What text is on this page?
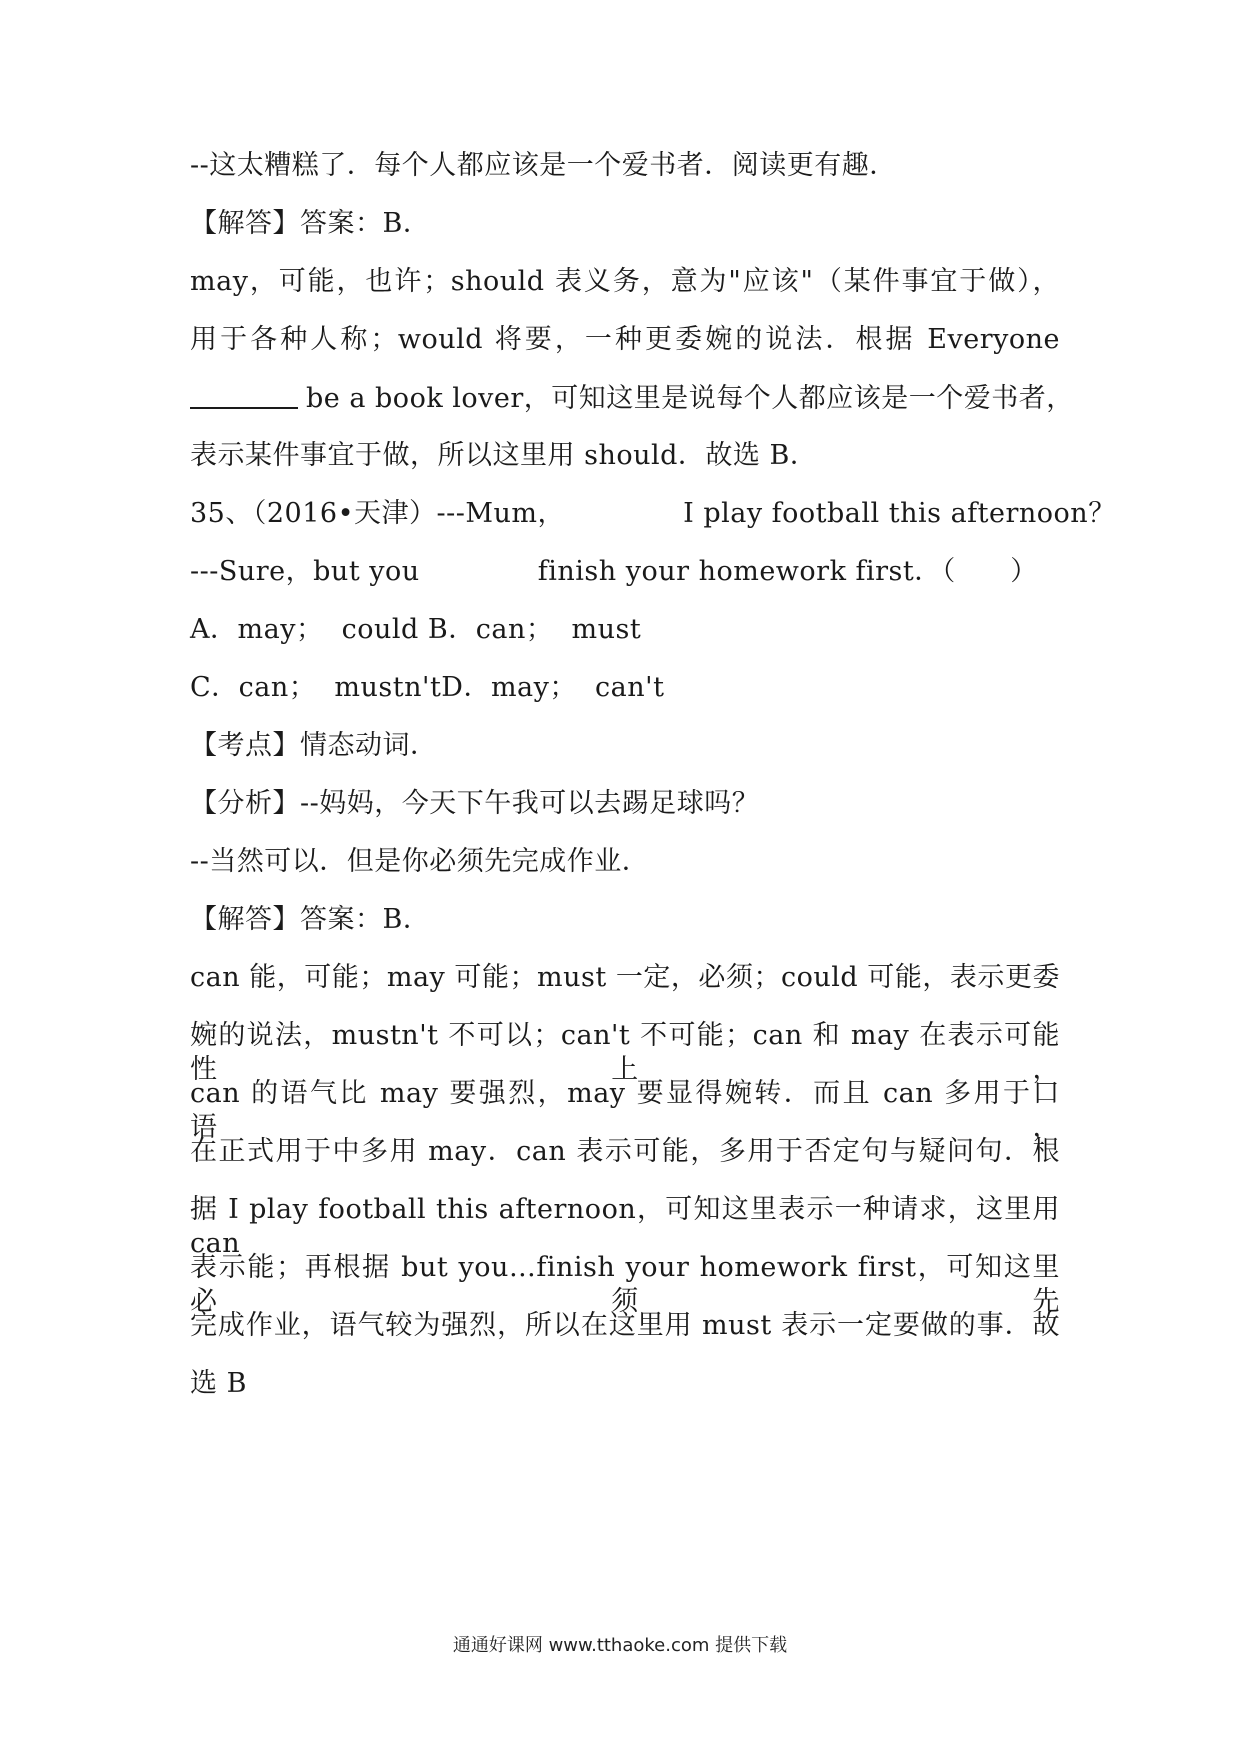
--这太糟糕了．每个人都应该是一个爱书者．阅读更有趣．
【解答】答案：B．
may，可能，也许；should 表义务，意为"应该"（某件事宜于做），
用于各种人称；would 将要，一种更委婉的说法．根据 Everyone
be a book lover，可知这里是说每个人都应该是一个爱书者，
表示某件事宜于做，所以这里用 should．故选 B．
35、（2016•天津）---Mum，             I play football this afternoon？
---Sure，but you             finish your homework first．（      ）
A．may；  could B．can；  must
C．can；  mustn'tD．may；  can't
【考点】情态动词．
【分析】--妈妈，今天下午我可以去踢足球吗？
--当然可以．但是你必须先完成作业．
【解答】答案：B．
can 能，可能；may 可能；must 一定，必须；could 可能，表示更委
婉的说法，mustn't 不可以；can't 不可能；can 和 may 在表示可能性上，
can 的语气比 may 要强烈，may 要显得婉转．而且 can 多用于口语，
在正式用于中多用 may．can 表示可能，多用于否定句与疑问句．根
据 I play football this afternoon，可知这里表示一种请求，这里用 can
表示能；再根据 but you…finish your homework first，可知这里必须先
完成作业，语气较为强烈，所以在这里用 must 表示一定要做的事．故
选 B
通通好课网 www.tthaoke.com 提供下载
